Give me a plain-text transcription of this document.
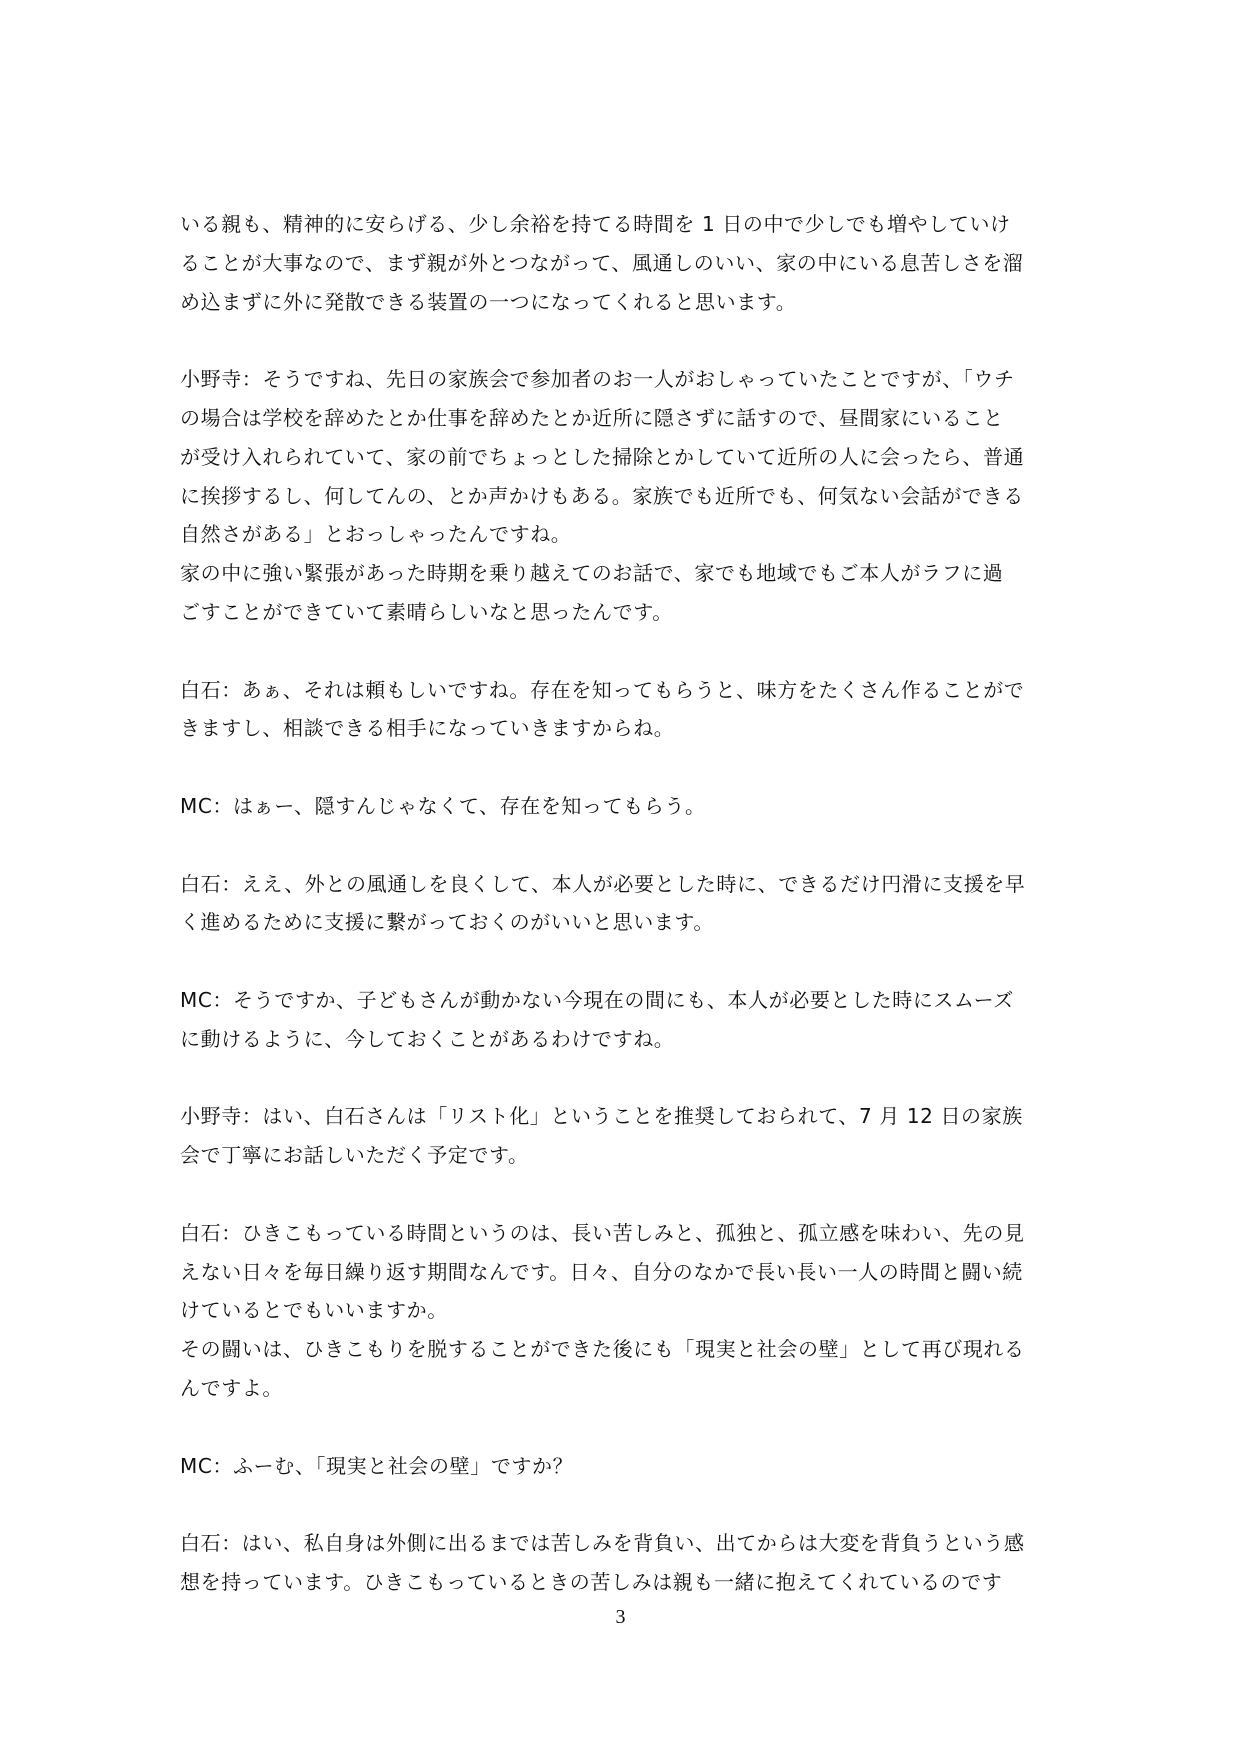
いる親も、精神的に安らげる、少し余裕を持てる時間を 1 日の中で少しでも増やしていけ
ることが大事なので、まず親が外とつながって、風通しのいい、家の中にいる息苦しさを溜
め込まずに外に発散できる装置の一つになってくれると思います。

小野寺：そうですね、先日の家族会で参加者のお一人がおしゃっていたことですが、「ウチ
の場合は学校を辞めたとか仕事を辞めたとか近所に隠さずに話すので、昼間家にいること
が受け入れられていて、家の前でちょっとした掃除とかしていて近所の人に会ったら、普通
に挨拶するし、何してんの、とか声かけもある。家族でも近所でも、何気ない会話ができる
自然さがある」とおっしゃったんですね。

家の中に強い緊張があった時期を乗り越えてのお話で、家でも地域でもご本人がラフに過
ごすことができていて素晴らしいなと思ったんです。

白石：あぁ、それは頼もしいですね。存在を知ってもらうと、味方をたくさん作ることがで
きますし、相談できる相手になっていきますからね。

MC：はぁー、隠すんじゃなくて、存在を知ってもらう。

白石：ええ、外との風通しを良くして、本人が必要とした時に、できるだけ円滑に支援を早
く進めるために支援に繋がっておくのがいいと思います。

MC：そうですか、子どもさんが動かない今現在の間にも、本人が必要とした時にスムーズ
に動けるように、今しておくことがあるわけですね。

小野寺：はい、白石さんは「リスト化」ということを推奨しておられて、7 月 12 日の家族
会で丁寧にお話しいただく予定です。

白石：ひきこもっている時間というのは、長い苦しみと、孤独と、孤立感を味わい、先の見
えない日々を毎日繰り返す期間なんです。日々、自分のなかで長い長い一人の時間と闘い続
けているとでもいいますか。

その闘いは、ひきこもりを脱することができた後にも「現実と社会の壁」として再び現れる
んですよ。

MC：ふーむ、「現実と社会の壁」ですか？

白石：はい、私自身は外側に出るまでは苦しみを背負い、出てからは大変を背負うという感
想を持っています。ひきこもっているときの苦しみは親も一緒に抱えてくれているのです

3
